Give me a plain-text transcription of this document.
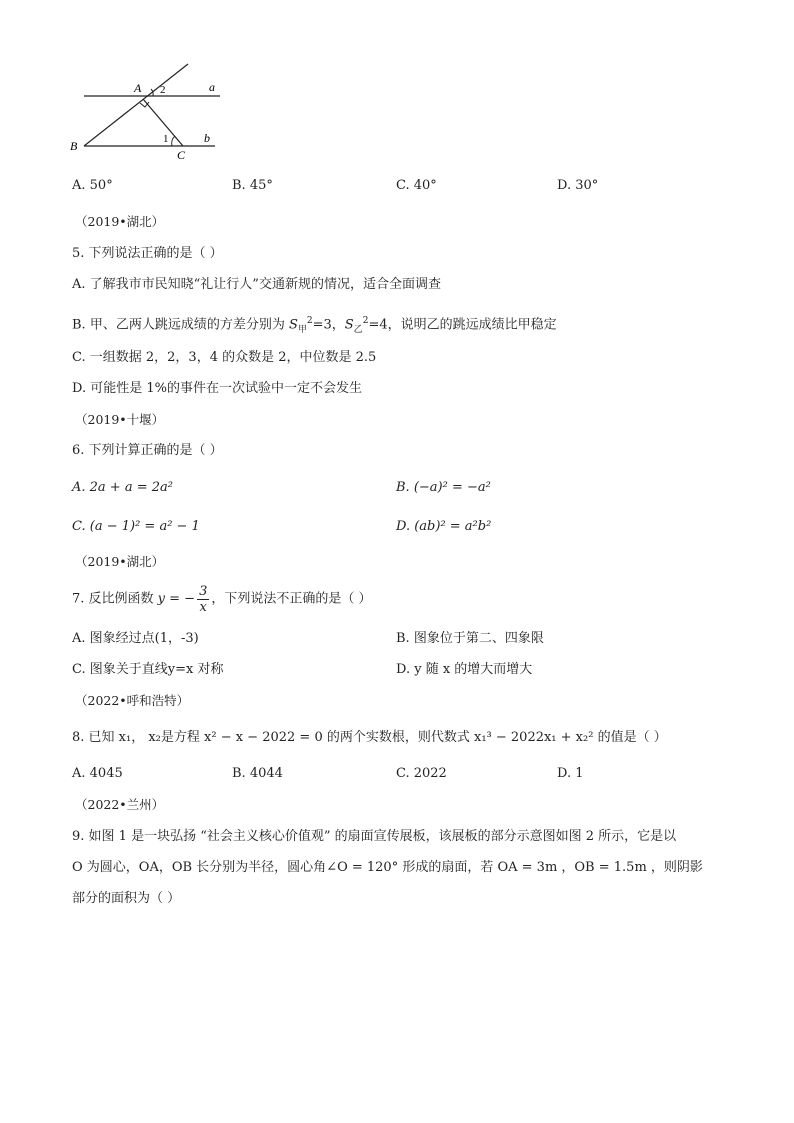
A
B
C
a
b
1
2
A. 50°	B. 45°	C. 40°	D. 30°
（2019•湖北）
5. 下列说法正确的是（ ）
A. 了解我市市民知晓“礼让行人”交通新规的情况，适合全面调查
B. 甲、乙两人跳远成绩的方差分别为 $S_甲^2=3$，$S_乙^2=4$，说明乙的跳远成绩比甲稳定
C. 一组数据 2，2，3，4 的众数是 2，中位数是 2.5
D. 可能性是 1%的事件在一次试验中一定不会发生
（2019•十堰）
6. 下列计算正确的是（ ）
A. 2a + a = 2a²	B. (−a)² = −a²
C. (a − 1)² = a² − 1	D. (ab)² = a²b²
（2019•湖北）
7. 反比例函数 y = − $\frac{3}{x}$ ，下列说法不正确的是（ ）
A. 图象经过点(1，-3)	B. 图象位于第二、四象限
C. 图象关于直线y=x 对称	D. y 随 x 的增大而增大
（2022•呼和浩特）
8. 已知 x₁， x₂是方程 x² − x − 2022 = 0 的两个实数根，则代数式 x₁³ − 2022x₁ + x₂² 的值是（ ）
A. 4045	B. 4044	C. 2022	D. 1
（2022•兰州）
9. 如图 1 是一块弘扬 “社会主义核心价值观” 的扇面宣传展板，该展板的部分示意图如图 2 所示，它是以
O 为圆心，OA，OB 长分别为半径，圆心角∠O = 120° 形成的扇面，若 OA = 3m ，OB = 1.5m ，则阴影
部分的面积为（ ）
